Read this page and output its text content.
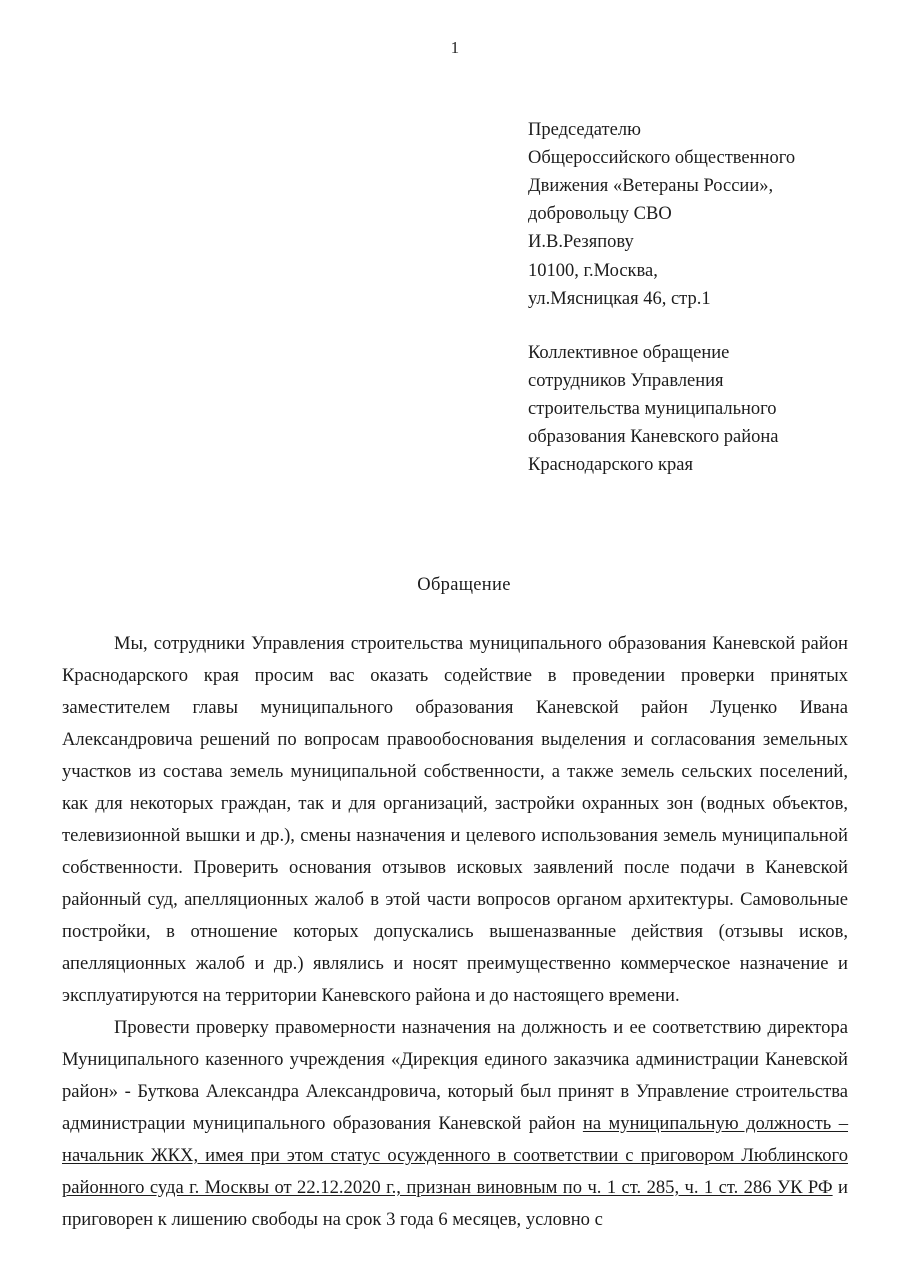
1
Председателю
Общероссийского общественного
Движения «Ветераны России»,
добровольцу СВО
И.В.Резяпову
10100, г.Москва,
ул.Мясницкая 46, стр.1
Коллективное обращение
сотрудников Управления
строительства муниципального
образования Каневского района
Краснодарского края
Обращение

Мы, сотрудники Управления строительства муниципального образования Каневской район Краснодарского края просим вас оказать содействие в проведении проверки принятых заместителем главы муниципального образования Каневской район Луценко Ивана Александровича решений по вопросам правообоснования выделения и согласования земельных участков из состава земель муниципальной собственности, а также земель сельских поселений, как для некоторых граждан, так и для организаций, застройки охранных зон (водных объектов, телевизионной вышки и др.), смены назначения и целевого использования земель муниципальной собственности. Проверить основания отзывов исковых заявлений после подачи в Каневской районный суд, апелляционных жалоб в этой части вопросов органом архитектуры. Самовольные постройки, в отношение которых допускались вышеназванные действия (отзывы исков, апелляционных жалоб и др.) являлись и носят преимущественно коммерческое назначение и эксплуатируются на территории Каневского района и до настоящего времени.

Провести проверку правомерности назначения на должность и ее соответствию директора Муниципального казенного учреждения «Дирекция единого заказчика администрации Каневской район» - Буткова Александра Александровича, который был принят в Управление строительства администрации муниципального образования Каневской район на муниципальную должность – начальник ЖКХ, имея при этом статус осужденного в соответствии с приговором Люблинского районного суда г. Москвы от 22.12.2020 г., признан виновным по ч. 1 ст. 285, ч. 1 ст. 286 УК РФ и приговорен к лишению свободы на срок 3 года 6 месяцев, условно с
